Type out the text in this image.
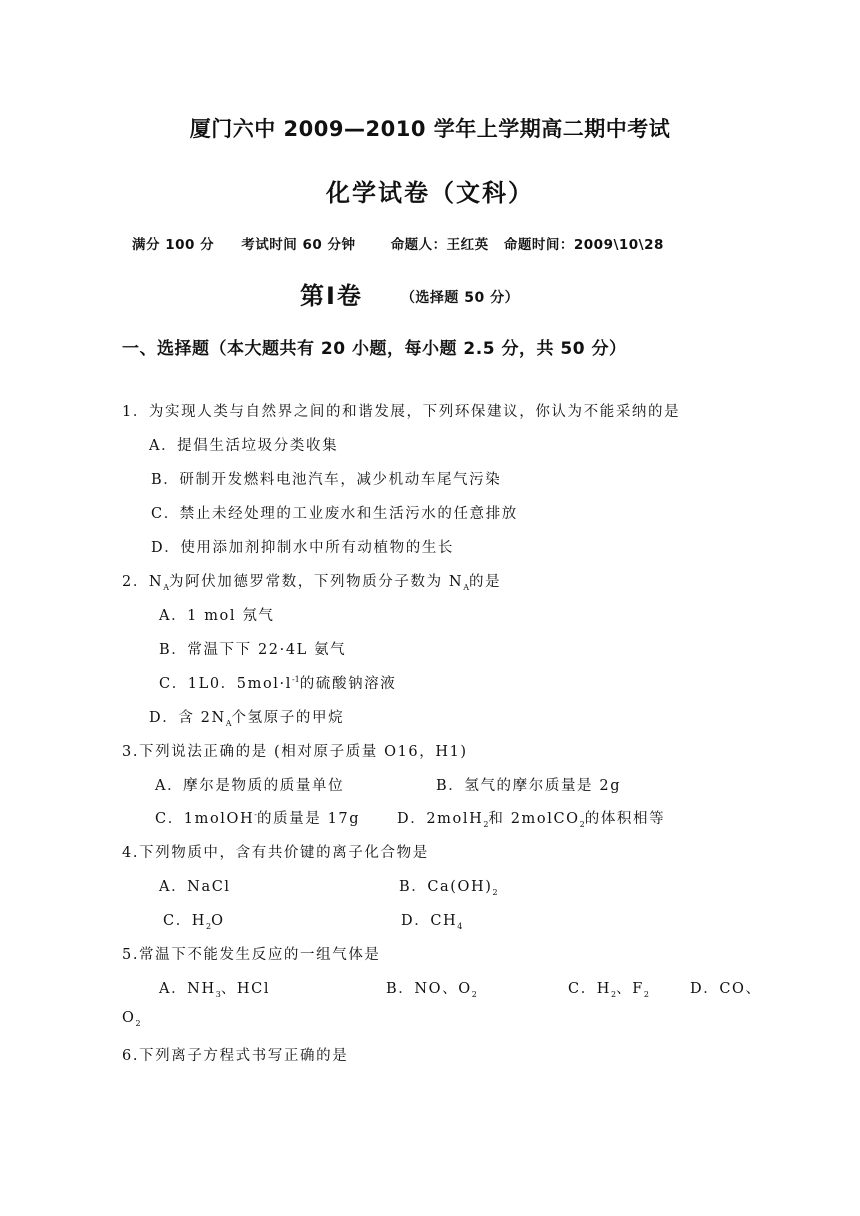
厦门六中 2009—2010 学年上学期高二期中考试
化学试卷（文科）
满分 100 分 考试时间 60 分钟	命题人：王红英 命题时间：2009\10\28
第Ⅰ卷	（选择题 50 分）
一、选择题（本大题共有 20 小题，每小题 2.5 分，共 50 分）
1．为实现人类与自然界之间的和谐发展，下列环保建议，你认为不能采纳的是
A．提倡生活垃圾分类收集
B．研制开发燃料电池汽车，减少机动车尾气污染
C．禁止未经处理的工业废水和生活污水的任意排放
D．使用添加剂抑制水中所有动植物的生长
2．$N_A$为阿伏加德罗常数，下列物质分子数为 $N_A$的是
A．1 mol 氖气
B．常温下下 22·4L 氨气
C．1L0．$5mol\cdot l^{-1}$的硫酸钠溶液
D．含 $2N_A$个氢原子的甲烷
3.下列说法正确的是 (相对原子质量 O16，H1)
A．摩尔是物质的质量单位	B．氢气的摩尔质量是 2g
C．1molOH-的质量是 17g	D．2molH$_2$和 2molCO$_2$的体积相等
4.下列物质中，含有共价键的离子化合物是
A．NaCl	B．$Ca(OH)_2$
C．$H_2O$	D．$CH_4$
5.常温下不能发生反应的一组气体是
A．$NH_3$、HCl	B．NO、$O_2$	C．$H_2$、$F_2$	D．CO、
$O_2$
6.下列离子方程式书写正确的是
